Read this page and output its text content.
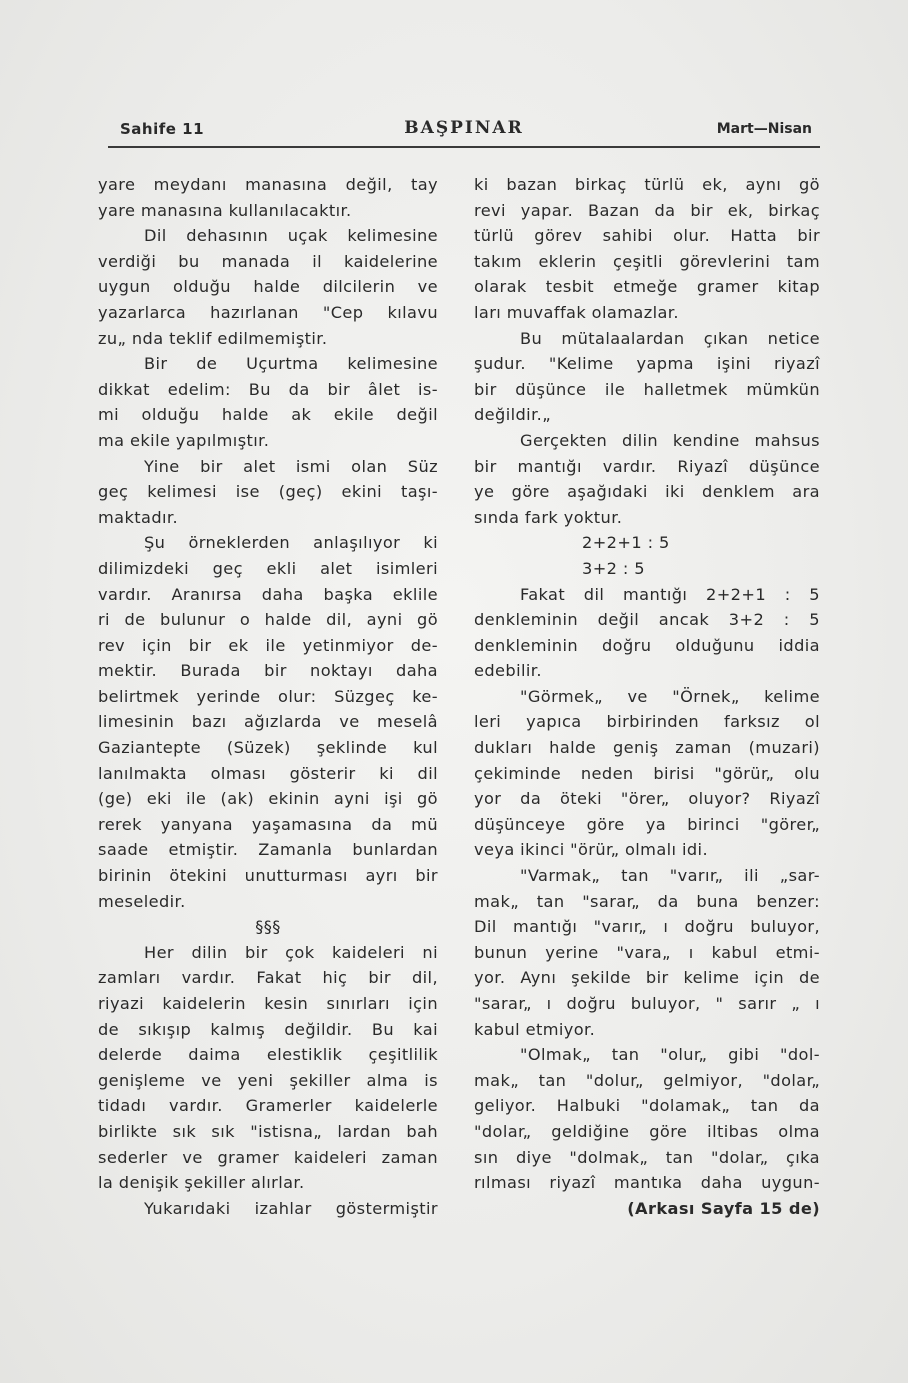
Sahife 11	BAŞPINAR	Mart—Nisan
yare meydanı manasına değil, tay
yare manasına kullanılacaktır.
Dil dehasının uçak kelimesine
verdiği bu manada il kaidelerine
uygun olduğu halde dilcilerin ve
yazarlarca hazırlanan "Cep kılavu
zu„ nda teklif edilmemiştir.
Bir de Uçurtma kelimesine
dikkat edelim: Bu da bir âlet is-
mi olduğu halde ak ekile değil
ma ekile yapılmıştır.
Yine bir alet ismi olan Süz
geç kelimesi ise (geç) ekini taşı-
maktadır.
Şu örneklerden anlaşılıyor ki
dilimizdeki geç ekli alet isimleri
vardır. Aranırsa daha başka eklile
ri de bulunur o halde dil, ayni gö
rev için bir ek ile yetinmiyor de-
mektir. Burada bir noktayı daha
belirtmek yerinde olur: Süzgeç ke-
limesinin bazı ağızlarda ve meselâ
Gaziantepte (Süzek) şeklinde kul
lanılmakta olması gösterir ki dil
(ge) eki ile (ak) ekinin ayni işi gö
rerek yanyana yaşamasına da mü
saade etmiştir. Zamanla bunlardan
birinin ötekini unutturması ayrı bir
meseledir.
§§§
Her dilin bir çok kaideleri ni
zamları vardır. Fakat hiç bir dil,
riyazi kaidelerin kesin sınırları için
de sıkışıp kalmış değildir. Bu kai
delerde daima elestiklik çeşitlilik
genişleme ve yeni şekiller alma is
tidadı vardır. Gramerler kaidelerle
birlikte sık sık "istisna„ lardan bah
sederler ve gramer kaideleri zaman
la denişik şekiller alırlar.
Yukarıdaki izahlar göstermiştir
ki bazan birkaç türlü ek, aynı gö
revi yapar. Bazan da bir ek, birkaç
türlü görev sahibi olur. Hatta bir
takım eklerin çeşitli görevlerini tam
olarak tesbit etmeğe gramer kitap
ları muvaffak olamazlar.
Bu mütalaalardan çıkan netice
şudur. "Kelime yapma işini riyazî
bir düşünce ile halletmek mümkün
değildir.„
Gerçekten dilin kendine mahsus
bir mantığı vardır. Riyazî düşünce
ye göre aşağıdaki iki denklem ara
sında fark yoktur.
2+2+1 : 5
3+2 : 5
Fakat dil mantığı 2+2+1 : 5
denkleminin değil ancak 3+2 : 5
denkleminin doğru olduğunu iddia
edebilir.
"Görmek„ ve "Örnek„ kelime
leri yapıca birbirinden farksız ol
dukları halde geniş zaman (muzari)
çekiminde neden birisi "görür„ olu
yor da öteki "örer„ oluyor? Riyazî
düşünceye göre ya birinci "görer„
veya ikinci "örür„ olmalı idi.
"Varmak„ tan "varır„ ili „sar-
mak„ tan "sarar„ da buna benzer:
Dil mantığı "varır„ ı doğru buluyor,
bunun yerine "vara„ ı kabul etmi-
yor. Aynı şekilde bir kelime için de
"sarar„ ı doğru buluyor, " sarır „ ı
kabul etmiyor.
"Olmak„ tan "olur„ gibi "dol-
mak„ tan "dolur„ gelmiyor, "dolar„
geliyor. Halbuki "dolamak„ tan da
"dolar„ geldiğine göre iltibas olma
sın diye "dolmak„ tan "dolar„ çıka
rılması riyazî mantıka daha uygun-
(Arkası Sayfa 15 de)
